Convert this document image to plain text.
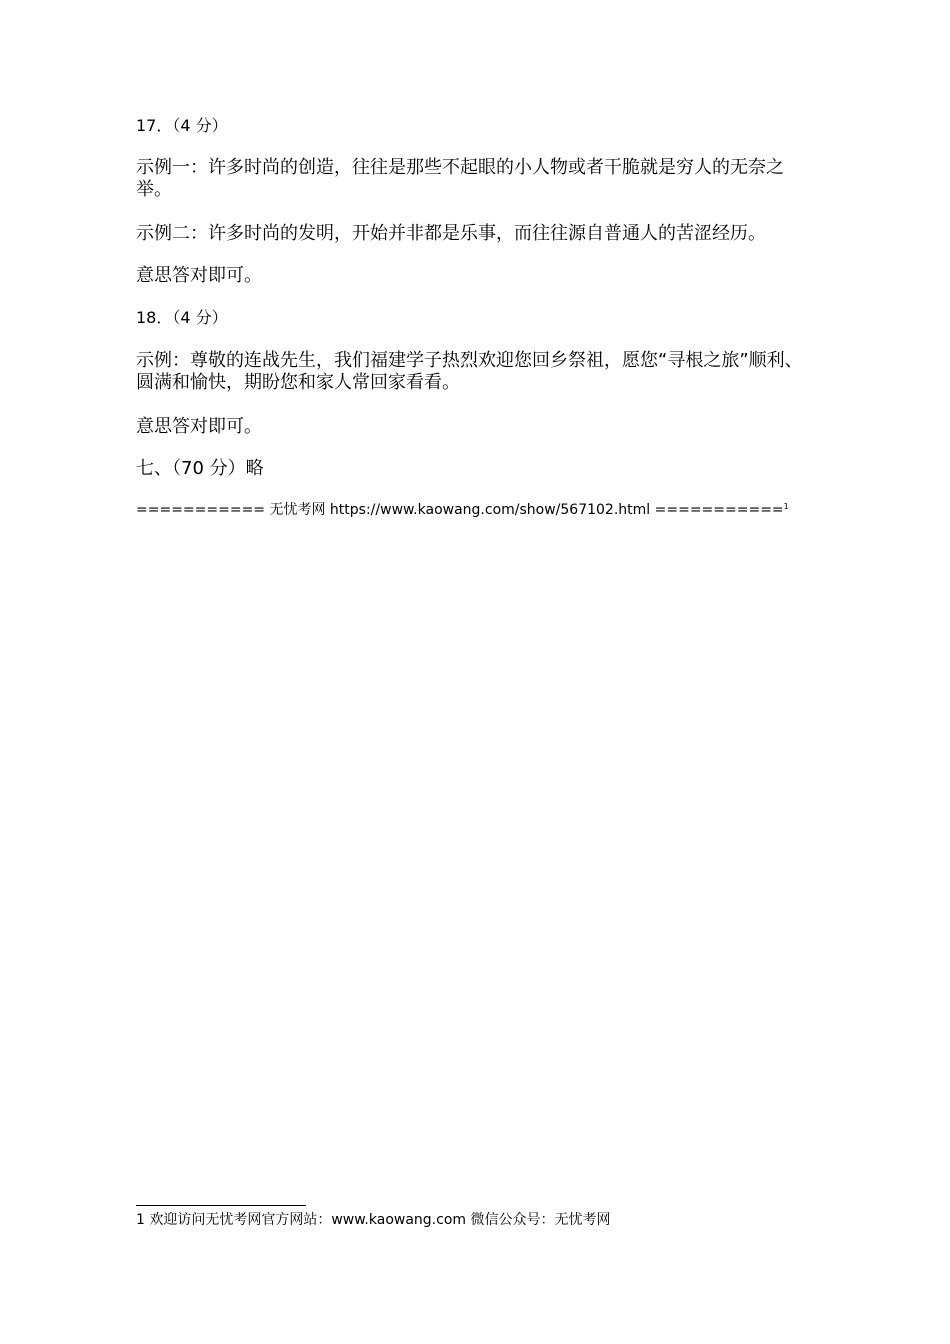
17．（4 分）

示例一：许多时尚的创造，往往是那些不起眼的小人物或者干脆就是穷人的无奈之举。

示例二：许多时尚的发明，开始并非都是乐事，而往往源自普通人的苦涩经历。

意思答对即可。

18．（4 分）

示例：尊敬的连战先生，我们福建学子热烈欢迎您回乡祭祖，愿您“寻根之旅”顺利、圆满和愉快，期盼您和家人常回家看看。

意思答对即可。

七、（70 分）略

=========== 无忧考网 https://www.kaowang.com/show/567102.html ===========$^1$
1 欢迎访问无忧考网官方网站：www.kaowang.com 微信公众号：无忧考网
